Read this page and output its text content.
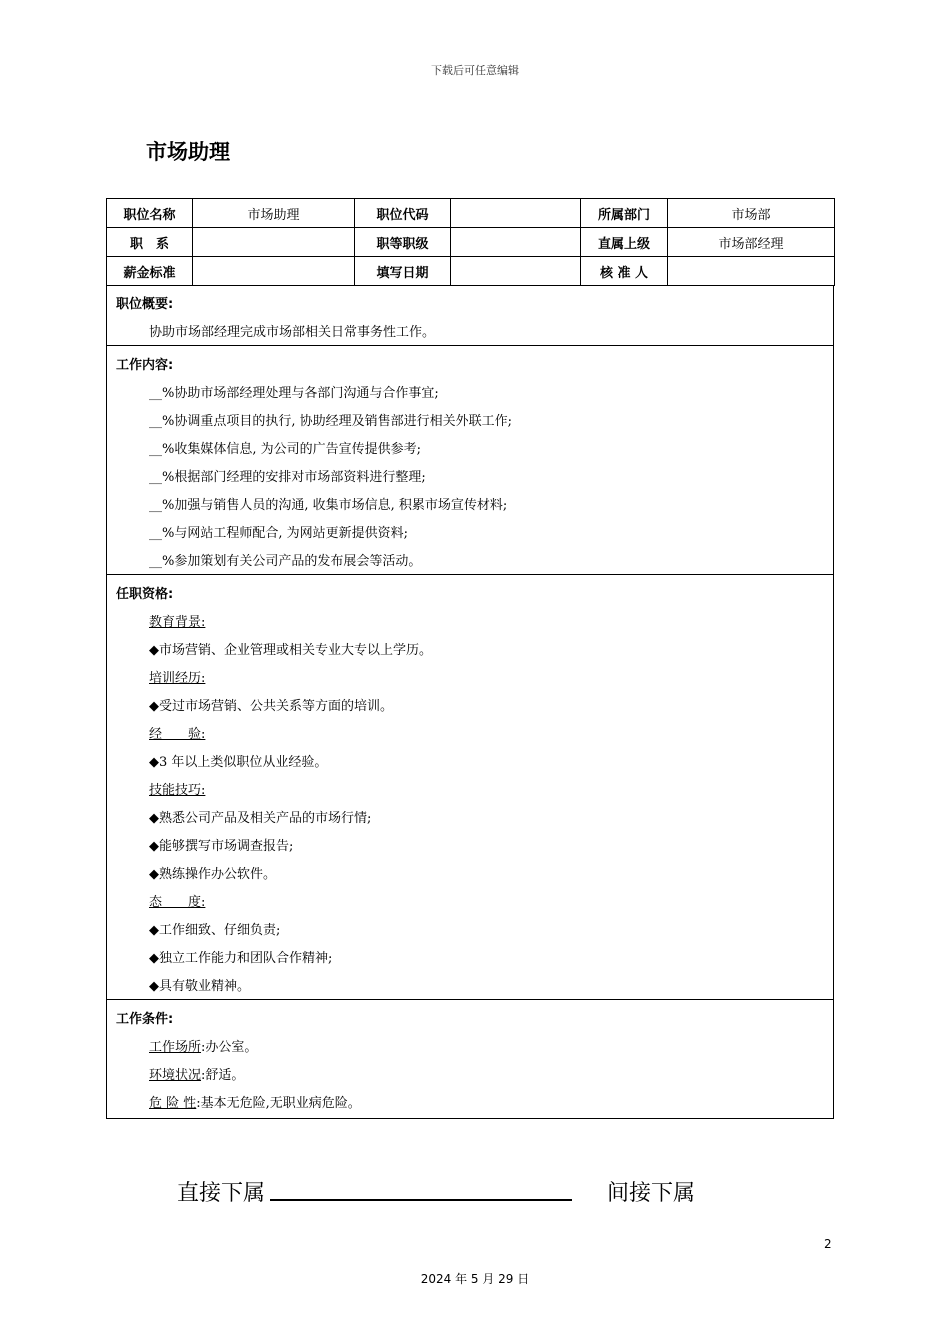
下载后可任意编辑
市场助理
职位名称	市场助理	职位代码		所属部门	市场部
职　系		职等职级		直属上级	市场部经理
薪金标准		填写日期		核 准 人	
职位概要:
协助市场部经理完成市场部相关日常事务性工作。
工作内容:
__%协助市场部经理处理与各部门沟通与合作事宜;
__%协调重点项目的执行, 协助经理及销售部进行相关外联工作;
__%收集媒体信息, 为公司的广告宣传提供参考;
__%根据部门经理的安排对市场部资料进行整理;
__%加强与销售人员的沟通, 收集市场信息, 积累市场宣传材料;
__%与网站工程师配合, 为网站更新提供资料;
__%参加策划有关公司产品的发布展会等活动。
任职资格:
教育背景:
◆市场营销、企业管理或相关专业大专以上学历。
培训经历:
◆受过市场营销、公共关系等方面的培训。
经　　验:
◆3 年以上类似职位从业经验。
技能技巧:
◆熟悉公司产品及相关产品的市场行情;
◆能够撰写市场调查报告;
◆熟练操作办公软件。
态　　度:
◆工作细致、仔细负责;
◆独立工作能力和团队合作精神;
◆具有敬业精神。
工作条件:
工作场所:办公室。
环境状况:舒适。
危 险 性:基本无危险,无职业病危险。
直接下属	间接下属
2
2024 年 5 月 29 日
